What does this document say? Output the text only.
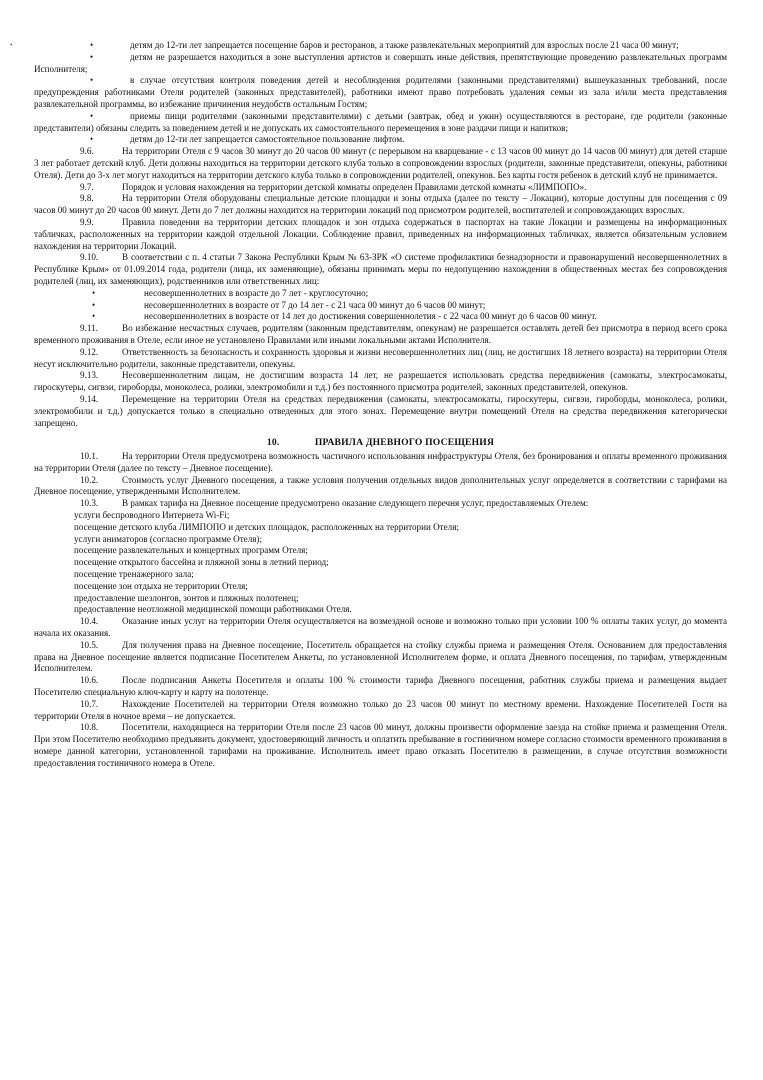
•

•	детям до 12-ти лет запрещается посещение баров и ресторанов, а также развлекательных мероприятий для взрослых после 21 часа 00 минут;

• детям не разрешается находиться в зоне выступления артистов и совершать иные действия, препятствующие проведению развлекательных программ Исполнителя;

• в случае отсутствия контроля поведения детей и несоблюдения родителями (законными представителями) вышеуказанных требований, после предупреждения работниками Отеля родителей (законных представителей), работники имеют право потребовать удаления семьи из зала и/или места представления развлекательной программы, во избежание причинения неудобств остальным Гостям;

• приемы пищи родителями (законными представителями) с детьми (завтрак, обед и ужин) осуществляются в ресторане, где родители (законные представители) обязаны следить за поведением детей и не допускать их самостоятельного перемещения в зоне раздачи пищи и напитков;

• детям до 12-ти лет запрещается самостоятельное пользование лифтом.

9.6.	На территории Отеля с 9 часов 30 минут до 20 часов 00 минут (с перерывом на кварцевание - с 13 часов 00 минут до 14 часов 00 минут) для детей старше 3 лет работает детский клуб. Дети должны находиться на территории детского клуба только в сопровождении взрослых (родители, законные представители, опекуны, работники Отеля). Дети до 3-х лет могут находиться на территории детского клуба только в сопровождении родителей, опекунов. Без карты гостя ребенок в детский клуб не принимается.

9.7.	Порядок и условия нахождения на территории детской комнаты определен Правилами детской комнаты «ЛИМПОПО».

9.8.	На территории Отеля оборудованы специальные детские площадки и зоны отдыха (далее по тексту – Локации), которые доступны для посещения с 09 часов 00 минут до 20 часов 00 минут. Дети до 7 лет должны находится на территории локаций под присмотром родителей, воспитателей и сопровождающих взрослых.

9.9.	Правила поведения на территории детских площадок и зон отдыха содержаться в паспортах на такие Локации и размещены на информационных табличках, расположенных на территории каждой отдельной Локации. Соблюдение правил, приведенных на информационных табличках, является обязательным условием нахождения на территории Локаций.

9.10.	В соответствии с п. 4 статьи 7 Закона Республики Крым № 63-ЗРК «О системе профилактики безнадзорности и правонарушений несовершеннолетних в Республике Крым» от 01.09.2014 года, родители (лица, их заменяющие), обязаны принимать меры по недопущению нахождения в общественных местах без сопровождения родителей (лиц, их заменяющих), родственников или ответственных лиц:

• несовершеннолетних в возрасте до 7 лет - круглосуточно;

• несовершеннолетних в возрасте от 7 до 14 лет - с 21 часа 00 минут до 6 часов 00 минут;

• несовершеннолетних в возрасте от 14 лет до достижения совершеннолетия - с 22 часа 00 минут до 6 часов 00 минут.

9.11.	Во избежание несчастных случаев, родителям (законным представителям, опекунам) не разрешается оставлять детей без присмотра в период всего срока временного проживания в Отеле, если иное не установлено Правилами или иными локальными актами Исполнителя.

9.12.	Ответственность за безопасность и сохранность здоровья и жизни несовершеннолетних лиц (лиц, не достигших 18 летнего возраста) на территории Отеля несут исключительно родители, законные представители, опекуны.

9.13.	Несовершеннолетним лицам, не достигшим возраста 14 лет, не разрешается использовать средства передвижения (самокаты, электросамокаты, гироскутеры, сигвэи, гироборды, моноколеса, ролики, электромобили и т.д.) без постоянного присмотра родителей, законных представителей, опекунов.

9.14.	Перемещение на территории Отеля на средствах передвижения (самокаты, электросамокаты, гироскутеры, сигвэи, гироборды, моноколеса, ролики, электромобили и т.д.) допускается только в специально отведенных для этого зонах. Перемещение внутри помещений Отеля на средства передвижения категорически запрещено.

10.	ПРАВИЛА ДНЕВНОГО ПОСЕЩЕНИЯ

10.1.	На территории Отеля предусмотрена возможность частичного использования инфраструктуры Отеля, без бронирования и оплаты временного проживания на территории Отеля (далее по тексту – Дневное посещение).

10.2.	Стоимость услуг Дневного посещения, а также условия получения отдельных видов дополнительных услуг определяется в соответствии с тарифами на Дневное посещение, утвержденными Исполнителем.

10.3.	В рамках тарифа на Дневное посещение предусмотрено оказание следующего перечня услуг, предоставляемых Отелем:

услуги беспроводного Интернета Wi-Fi;
посещение детского клуба ЛИМПОПО и детских площадок, расположенных на территории Отеля;
услуги аниматоров (согласно программе Отеля);
посещение развлекательных и концертных программ Отеля;
посещение открытого бассейна и пляжной зоны в летний период;
посещение тренажерного зала;
посещение зон отдыха не территории Отеля;
предоставление шезлонгов, зонтов и пляжных полотенец;
предоставление неотложной медицинской помощи работниками Отеля.

10.4.	Оказание иных услуг на территории Отеля осуществляется на возмездной основе и возможно только при условии 100 % оплаты таких услуг, до момента начала их оказания.

10.5.	Для получения права на Дневное посещение, Посетитель обращается на стойку службы приема и размещения Отеля. Основанием для предоставления права на Дневное посещение является подписание Посетителем Анкеты, по установленной Исполнителем форме, и оплата Дневного посещения, по тарифам, утвержденным Исполнителем.

10.6.	После подписания Анкеты Посетителя и оплаты 100 % стоимости тарифа Дневного посещения, работник службы приема и размещения выдает Посетителю специальную ключ-карту и карту на полотенце.

10.7.	Нахождение Посетителей на территории Отеля возможно только до 23 часов 00 минут по местному времени. Нахождение Посетителей Гостя на территории Отеля в ночное время – не допускается.

10.8.	Посетители, находящиеся на территории Отеля после 23 часов 00 минут, должны произвести оформление заезда на стойке приема и размещения Отеля. При этом Посетителю необходимо предъявить документ, удостоверяющий личность и оплатить пребывание в гостиничном номере согласно стоимости временного проживания в номере данной категории, установленной тарифами на проживание. Исполнитель имеет право отказать Посетителю в размещении, в случае отсутствия возможности предоставления гостиничного номера в Отеле.
